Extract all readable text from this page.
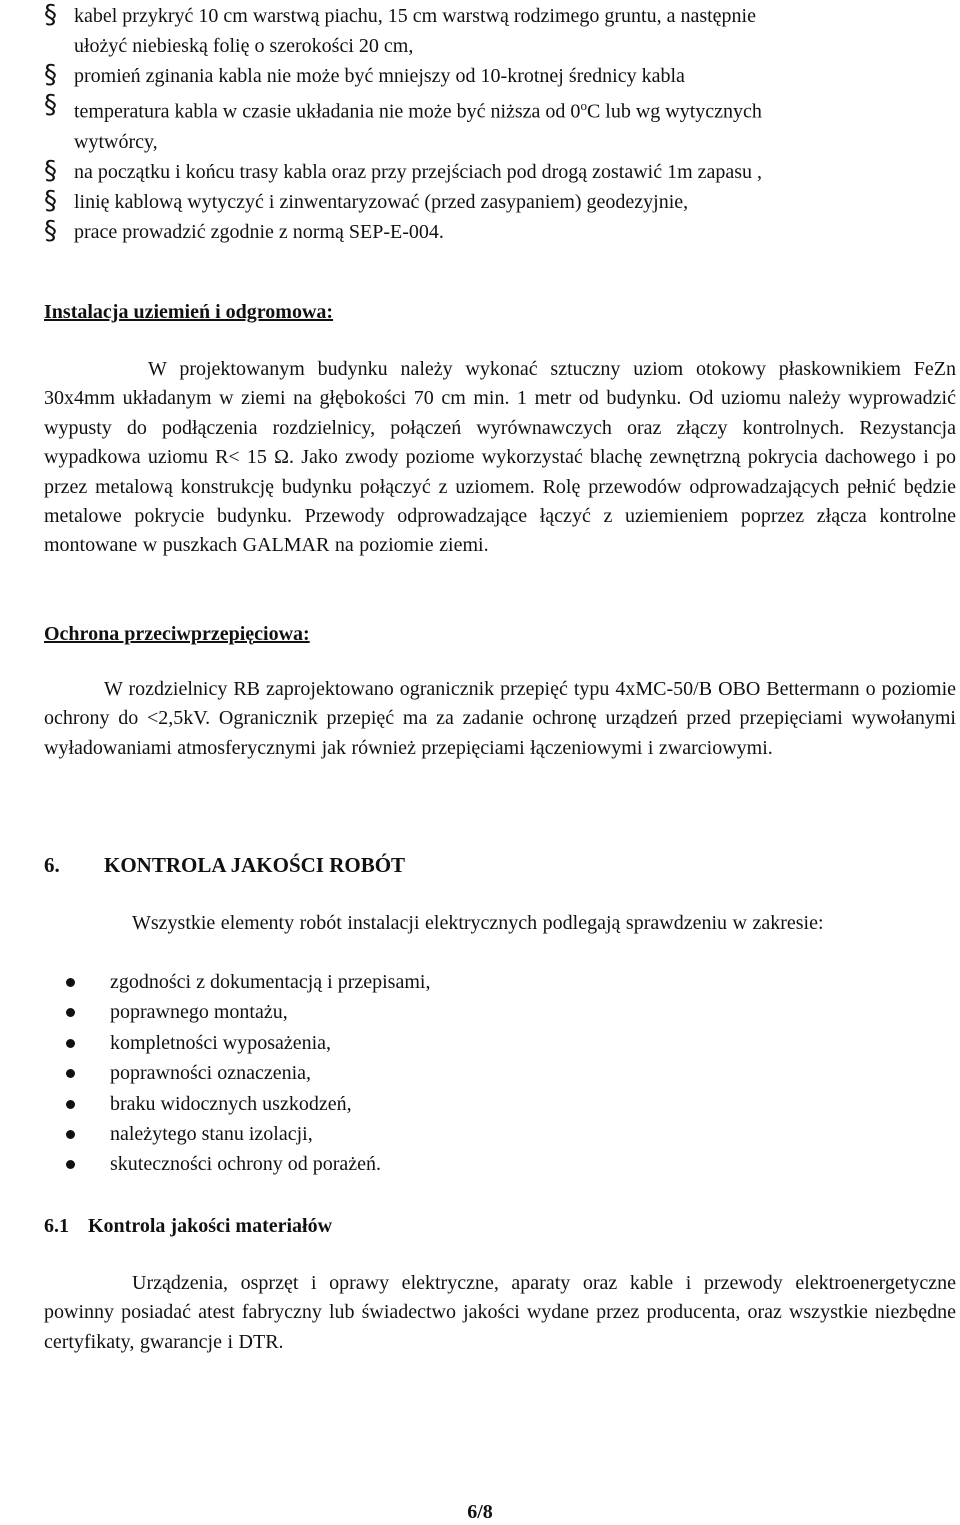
§ kabel przykryć 10 cm warstwą piachu, 15 cm warstwą rodzimego gruntu, a następnie
ułożyć niebieską folię o szerokości 20 cm,
§ promień zginania kabla nie może być mniejszy od 10-krotnej średnicy kabla
§ temperatura kabla w czasie układania nie może być niższa od 0$^o$C lub wg wytycznych
wytwórcy,
§ na początku i końcu trasy kabla oraz przy przejściach pod drogą zostawić 1m zapasu ,
§ linię kablową wytyczyć i zinwentaryzować (przed zasypaniem) geodezyjnie,
§ prace prowadzić zgodnie z normą SEP-E-004.
Instalacja uziemień i odgromowa:

W projektowanym budynku należy wykonać sztuczny uziom otokowy płaskownikiem FeZn 30x4mm układanym w ziemi na głębokości 70 cm min. 1 metr od budynku. Od uziomu należy wyprowadzić wypusty do podłączenia rozdzielnicy, połączeń wyrównawczych oraz złączy kontrolnych. Rezystancja wypadkowa uziomu R< 15 Ω. Jako zwody poziome wykorzystać blachę zewnętrzną pokrycia dachowego i po przez metalową konstrukcję budynku połączyć z uziomem. Rolę przewodów odprowadzających pełnić będzie metalowe pokrycie budynku. Przewody odprowadzające łączyć z uziemieniem poprzez złącza kontrolne montowane w puszkach GALMAR na poziomie ziemi.

Ochrona przeciwprzepięciowa:

W rozdzielnicy RB zaprojektowano ogranicznik przepięć typu 4xMC-50/B OBO Bettermann o poziomie ochrony do <2,5kV. Ogranicznik przepięć ma za zadanie ochronę urządzeń przed przepięciami wywołanymi wyładowaniami atmosferycznymi jak również przepięciami łączeniowymi i zwarciowymi.

6. KONTROLA JAKOŚCI ROBÓT

Wszystkie elementy robót instalacji elektrycznych podlegają sprawdzeniu w zakresie:

zgodności z dokumentacją i przepisami,
poprawnego montażu,
kompletności wyposażenia,
poprawności oznaczenia,
braku widocznych uszkodzeń,
należytego stanu izolacji,
skuteczności ochrony od porażeń.
6.1 Kontrola jakości materiałów

Urządzenia, osprzęt i oprawy elektryczne, aparaty oraz kable i przewody elektroenergetyczne powinny posiadać atest fabryczny lub świadectwo jakości wydane przez producenta, oraz wszystkie niezbędne certyfikaty, gwarancje i DTR.

6/8
